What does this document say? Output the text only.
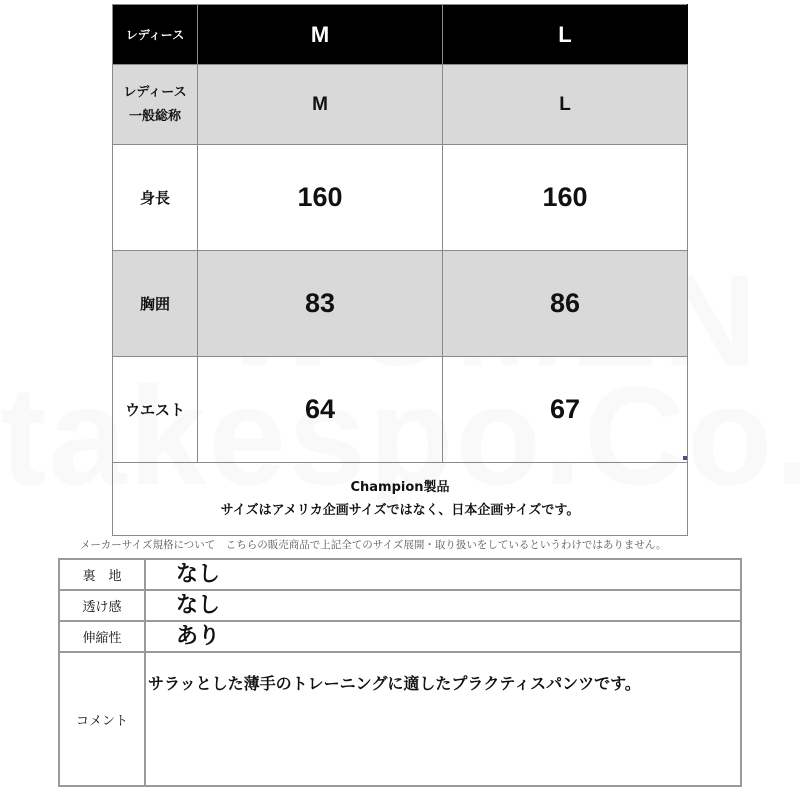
レディース	M	L

レディース
一般総称	M	L
身長	160	160
胸囲	83	86
ウエスト	64	67

Champion製品
サイズはアメリカ企画サイズではなく、日本企画サイズです。		
メーカーサイズ規格について　こちらの販売商品で上記全てのサイズ展開・取り扱いをしているというわけではありません。
裏　地	なし
透け感	なし
伸縮性	あり
コメント	サラッとした薄手のトレーニングに適したプラクティスパンツです。
